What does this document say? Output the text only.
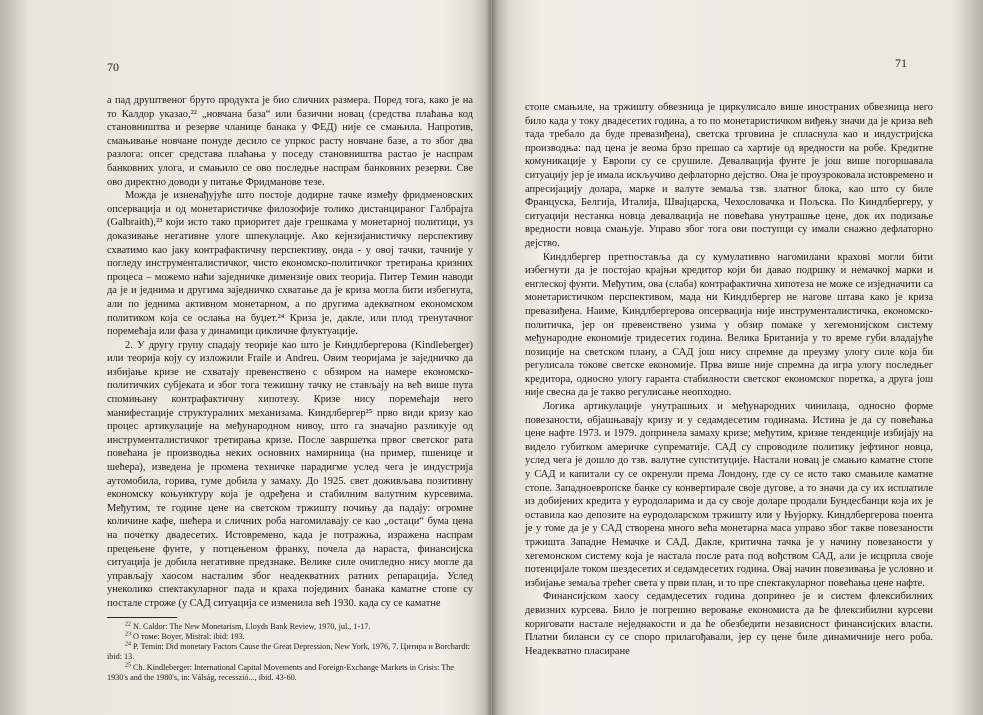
70

а пад друштвеног бруто продукта је био сличних размера. Поред тога, како је на то Калдор указао,²² „новчана база“ или базични новац (средства плаћања код становништва и резерве чланице банака у ФЕД) није се смањила. Напротив, смањивање новчане понуде десило се упркос расту новчане базе, а то због два разлога: опсег средстава плаћања у поседу становништва растао је наспрам банковних улога, и смањило се ово последње наспрам банковних резерви. Све ово директно доводи у питање Фридманове тезе.

Можда је изненађујуће што постоје додирне тачке између фридменовских опсервација и од монетаристичке филозофије толико дистанцираног Галбрајта (Galbraith),²³ који исто тако приоритет даје грешкама у монетарној политици, уз доказивање негативне улоге шпекулације. Ако кејнзијанистичку перспективу схватимо као јаку контрафактичну перспективу, онда - у овој тачки, тачније у погледу инструменталистичког, чисто економско-политичког третирања кризних процеса – можемо наћи заједничке димензије ових теорија. Питер Темин наводи да је и једнима и другима заједничко схватање да је криза могла бити избегнута, али по једнима активном монетарном, а по другима адекватном економском политиком која се ослања на буџет.²⁴ Криза је, дакле, или плод тренутачног поремећаја или фаза у динамици цикличне флуктуације.

2. У другу групу спадају теорије као што је Киндлбергерова (Kindleberger) или теорија коју су изложили Fraile и Andreu. Овим теоријама је заједничко да избијање кризе не схватају превенствено с обзиром на намере економско-политичких субјеката и због тога тежишну тачку не стављају на већ више пута спомињану контрафактичну хипотезу. Кризе нису поремећаји него манифестације структуралних механизама. Киндлбергер²⁵ прво види кризу као процес артикулације на међународном нивоу, што га значајно разликује од инструменталистичког третирања кризе. После завршетка првог светског рата повећана је производња неких основних намирница (на пример, пшенице и шећера), изведена је промена техничке парадигме услед чега је индустрија аутомобила, горива, гуме добила у замаху. До 1925. свет доживљава позитивну економску коњунктуру која је одређена и стабилним валутним курсевима. Међутим, те годинe цене на светском тржишту почињу да падају: огромне количине кафе, шећера и сличних роба нагомилавају се као „остаци“ бума цена на почетку двадесетих. Истовремено, када је потражња, изражена наспрам прецењене фунте, у потцењеном франку, почела да нараста, финансијска ситуација је добила негативне предзнаке. Велике силе очигледно нису могле да управљају хаосом насталим због неадекватних ратних репарација. Услед унеколико спектакуларног пада и краха појединих банака каматне стопе су постале строже (у САД ситуација се изменила већ 1930. када су се каматне

$^{22}$ N. Caldor: The New Monetarism, Lloyds Bank Review, 1970, jul., 1-17.

$^{23}$ O томе: Boyer, Mistral: ibid: 193.

$^{24}$ P. Temin: Did monetary Factors Cause the Great Depression, New York, 1976, 7. Цитира и Borchardt: ibid: 13.

$^{25}$ Ch. Kindleberger: International Capital Movements and Foreign-Exchange Markets in Crisis: The 1930's and the 1980's, in: Válság, recesszió..., ibid. 43-60.

71

стопе смањиле, на тржишту обвезница је циркулисало више иностраних обвезница него било када у току двадесетих година, а то по монетаристичком виђењу значи да је криза већ тада требало да буде превазиђена), светска трговина је спласнула као и индустријска производња: пад цена је веома брзо прешао са хартије од вредности на робе. Кредитне комуникације у Европи су се срушиле. Девалвација фунте је још више погоршавала ситуацију јер је имала искључиво дефлаторно дејство. Она је проузроковала истовремено и апресијацију долара, марке и валуте земаља тзв. златног блока, као што су биле Француска, Белгија, Италија, Швајцарска, Чехословачка и Пољска. По Киндлбергеру, у ситуацији нестанка новца девалвација не повећава унутрашње цене, док их подизање вредности новца смањује. Управо због тога ови поступци су имали снажно дефлаторно дејство.

Киндлбергер претпоставља да су кумулативно нагомилани краховi могли бити избегнути да је постојао крајњи кредитор који би давао подршку и немачкој марки и енглеској фунти. Међутим, ова (слаба) контрафактична хипотеза не може се изједначити са монетаристичком перспективом, мада ни Киндлбергер не нагове штава како је криза превазиђена. Наиме, Киндлбергерова опсервација није инструменталистичка, економско-политичка, јер он превенствено узима у обзир помаке у хегемонијском систему међународне економије тридесетих година. Велика Британија у то време губи владајуће позиције на светском плану, а САД још нису спремне да преузму улогу силе која би регулисала токове светске економије. Прва више није спремна да игра улогу последњег кредитора, односно улогу гаранта стабилности светског економског поретка, а друга још није свесна да је такво регулисање неопходно.

Логика артикулације унутрашњих и међународних чинилаца, односно форме повезаности, објашњавају кризу и у седамдесетим годинама. Истина је да су повећања цене нафте 1973. и 1979. допринела замаху кризе; међутим, кризне тенденције избијају на видело губитком америчке супрематије. САД су спроводиле политику јефтиног новца, услед чега је дошло до тзв. валутне супституције. Настали новац је смањио каматне стопе у САД и капитали су се окренули према Лондону, где су се исто тако смањиле каматне стопе. Западноевропске банке су конвертирале своје дугове, а то значи да су их исплатиле из добијених кредита у еуродоларима и да су своје доларе продали Бундесбанци која их је оставила као депозите на еуродоларском тржишту или у Њујорку. Киндлбергерова поента је у томе да је у САД створена много већа монетарна маса управо због такве повезаности тржишта Западне Немачке и САД. Дакле, критична тачка је у начину повезаности у хегемонском систему која је настала после рата под вођством САД, али је исцрпла своје потенцијале током шездесетих и седамдесетих година. Овај начин повезивања је условно и избијање земаља трећег света у први план, и то пре спектакуларног повећања цене нафте.

Финансијском хаосу седамдесетих година допринео је и систем флексибилних девизних курсева. Било је погрешно веровање економиста да ће флексибилни курсеви кориговати настале неједнакости и да ће обезбедити независност финансијских власти. Платни биланси су се споро прилагођавали, јер су цене биле динамичније него роба. Неадекватно пласиране
